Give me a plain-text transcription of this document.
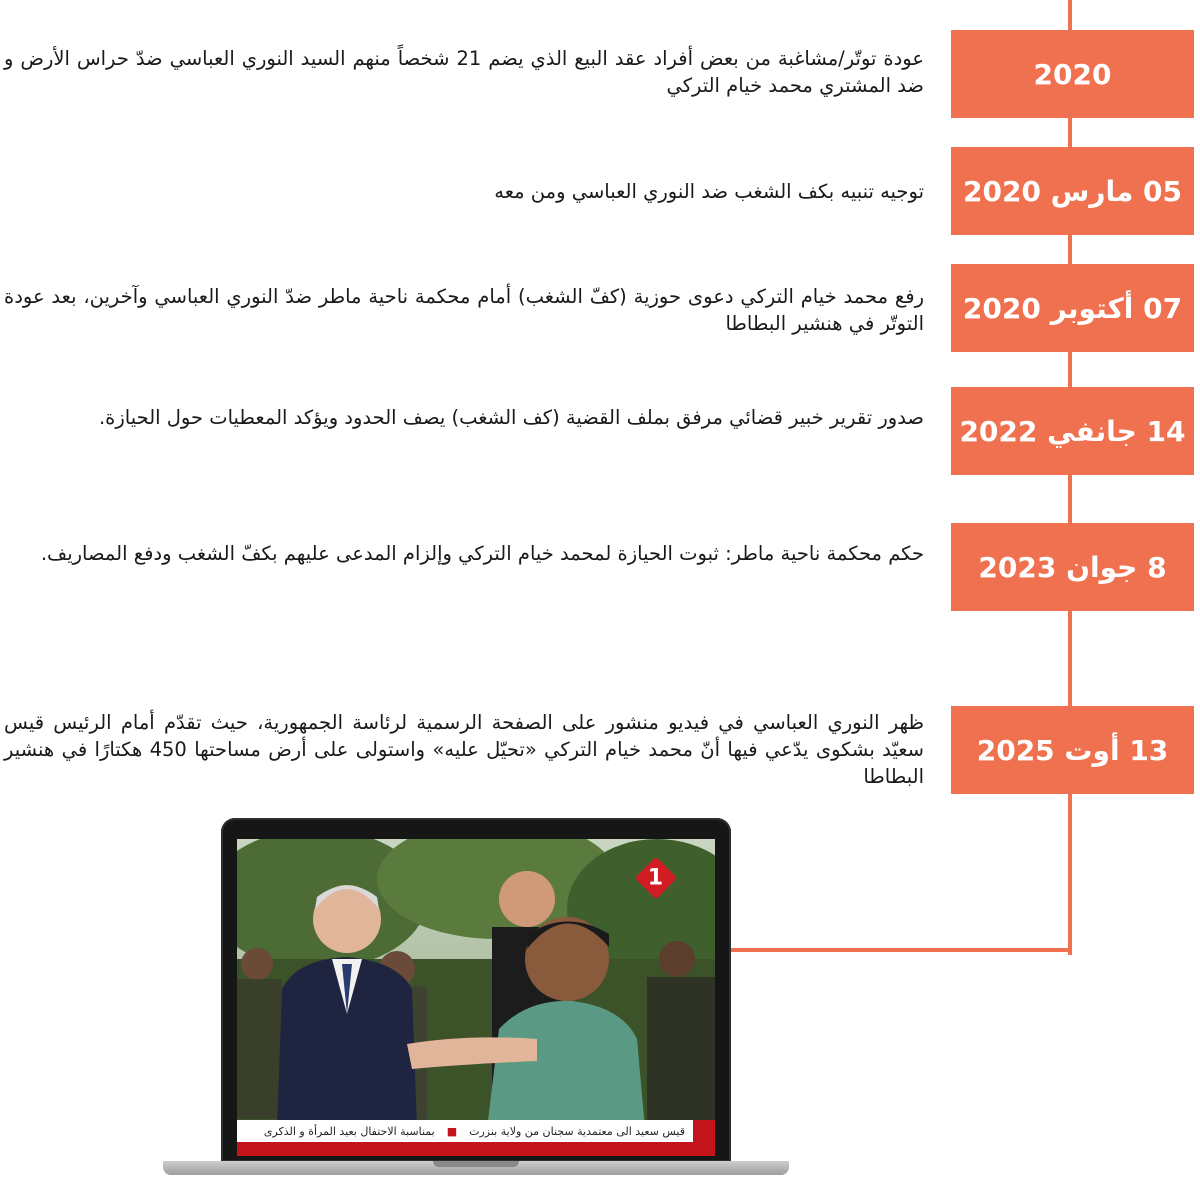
2020
عودة توتّر/مشاغبة من بعض أفراد عقد البيع الذي يضم 21 شخصاً منهم السيد النوري العباسي ضدّ حراس الأرض و ضد المشتري محمد خيام التركي
05 مارس 2020
توجيه تنبيه بكف الشغب ضد النوري العباسي ومن معه
07 أكتوبر 2020
رفع محمد خيام التركي دعوى حوزية (كفّ الشغب) أمام محكمة ناحية ماطر ضدّ النوري العباسي وآخرين، بعد عودة التوتّر في هنشير البطاطا
14 جانفي 2022
صدور تقرير خبير قضائي مرفق بملف القضية (كف الشغب) يصف الحدود ويؤكد المعطيات حول الحيازة.
8 جوان 2023
حكم محكمة ناحية ماطر: ثبوت الحيازة لمحمد خيام التركي وإلزام المدعى عليهم بكفّ الشغب ودفع المصاريف.
13 أوت 2025
ظهر النوري العباسي في فيديو منشور على الصفحة الرسمية لرئاسة الجمهورية، حيث تقدّم أمام الرئيس قيس سعيّد بشكوى يدّعي فيها أنّ محمد خيام التركي «تحيّل عليه» واستولى على أرض مساحتها 450 هكتارًا في هنشير البطاطا
1
قيس سعيد الى معتمدية سجنان من ولاية بنزرت
■
بمناسبة الاحتفال بعيد المرأة و الذكرى
